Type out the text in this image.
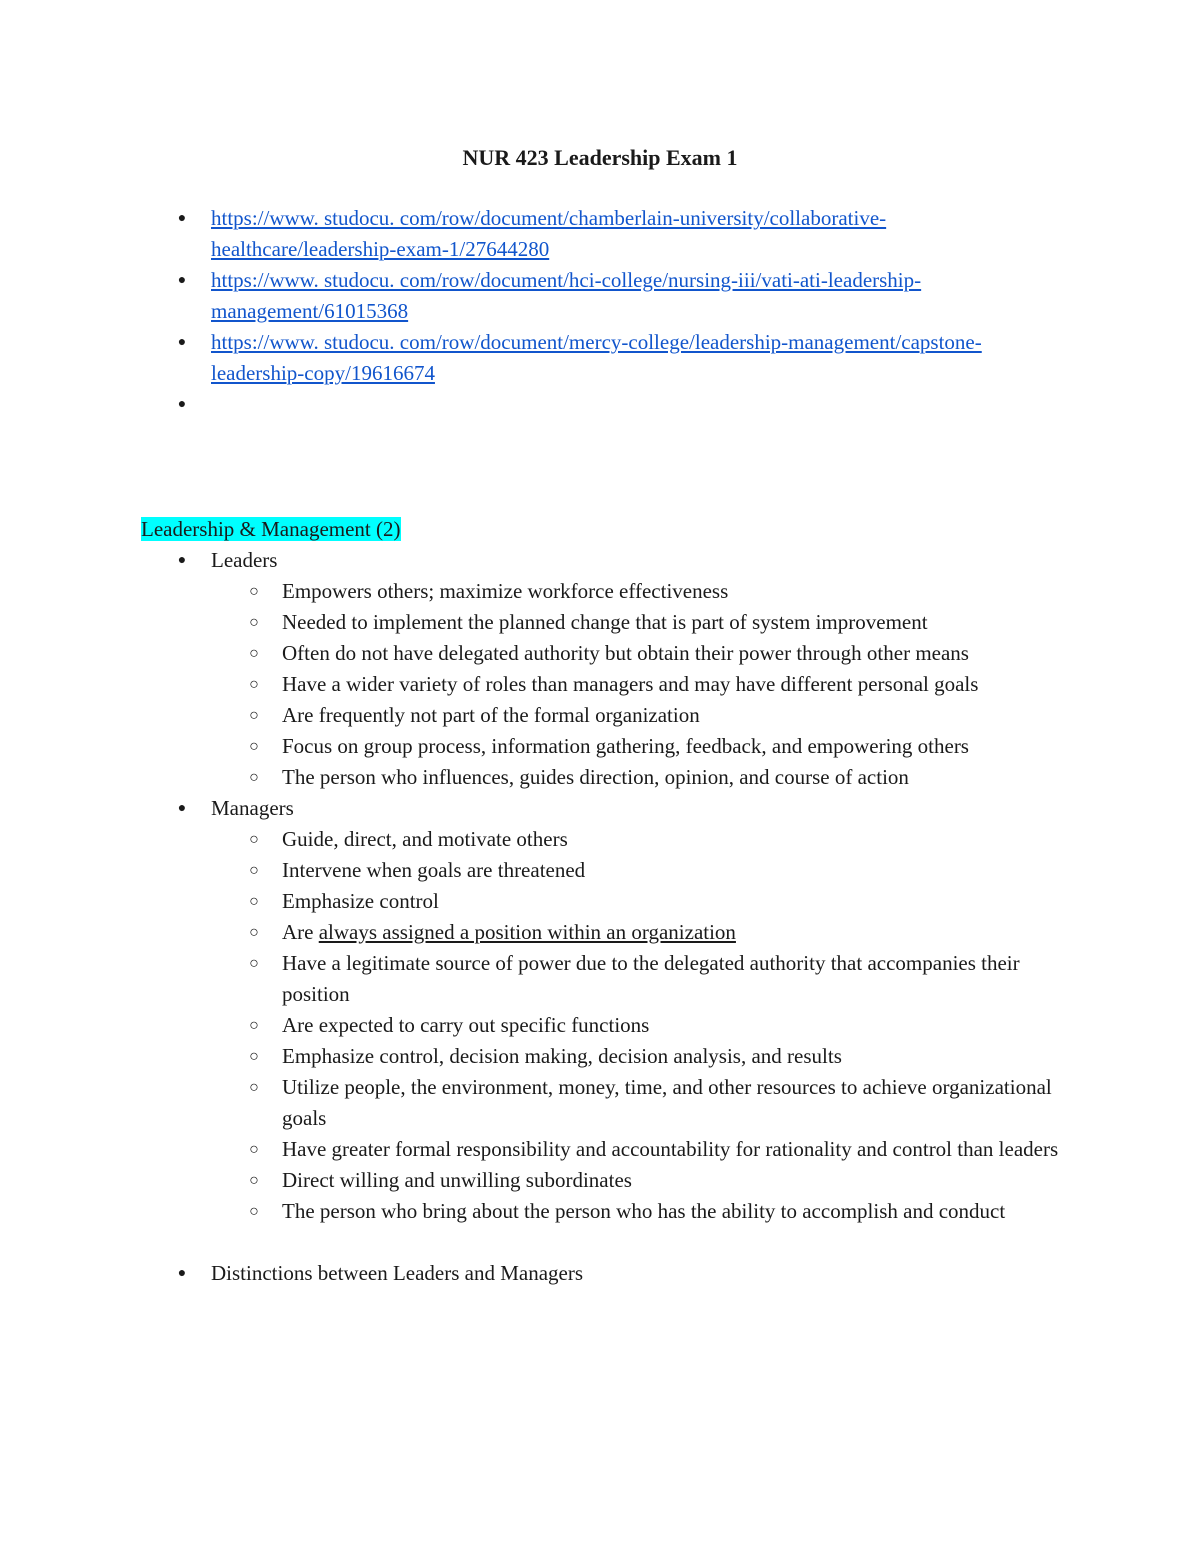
NUR 423 Leadership Exam 1
● https://www. studocu. com/row/document/chamberlain-university/collaborative-healthcare/leadership-exam-1/27644280
● https://www. studocu. com/row/document/hci-college/nursing-iii/vati-ati-leadership-management/61015368
● https://www. studocu. com/row/document/mercy-college/leadership-management/capstone-leadership-copy/19616674
●
Leadership & Management (2)
● Leaders
○ Empowers others; maximize workforce effectiveness
○ Needed to implement the planned change that is part of system improvement
○ Often do not have delegated authority but obtain their power through other means
○ Have a wider variety of roles than managers and may have different personal goals
○ Are frequently not part of the formal organization
○ Focus on group process, information gathering, feedback, and empowering others
○ The person who influences, guides direction, opinion, and course of action
● Managers
○ Guide, direct, and motivate others
○ Intervene when goals are threatened
○ Emphasize control
○ Are always assigned a position within an organization
○ Have a legitimate source of power due to the delegated authority that accompanies their position
○ Are expected to carry out specific functions
○ Emphasize control, decision making, decision analysis, and results
○ Utilize people, the environment, money, time, and other resources to achieve organizational goals
○ Have greater formal responsibility and accountability for rationality and control than leaders
○ Direct willing and unwilling subordinates
○ The person who bring about the person who has the ability to accomplish and conduct
● Distinctions between Leaders and Managers
